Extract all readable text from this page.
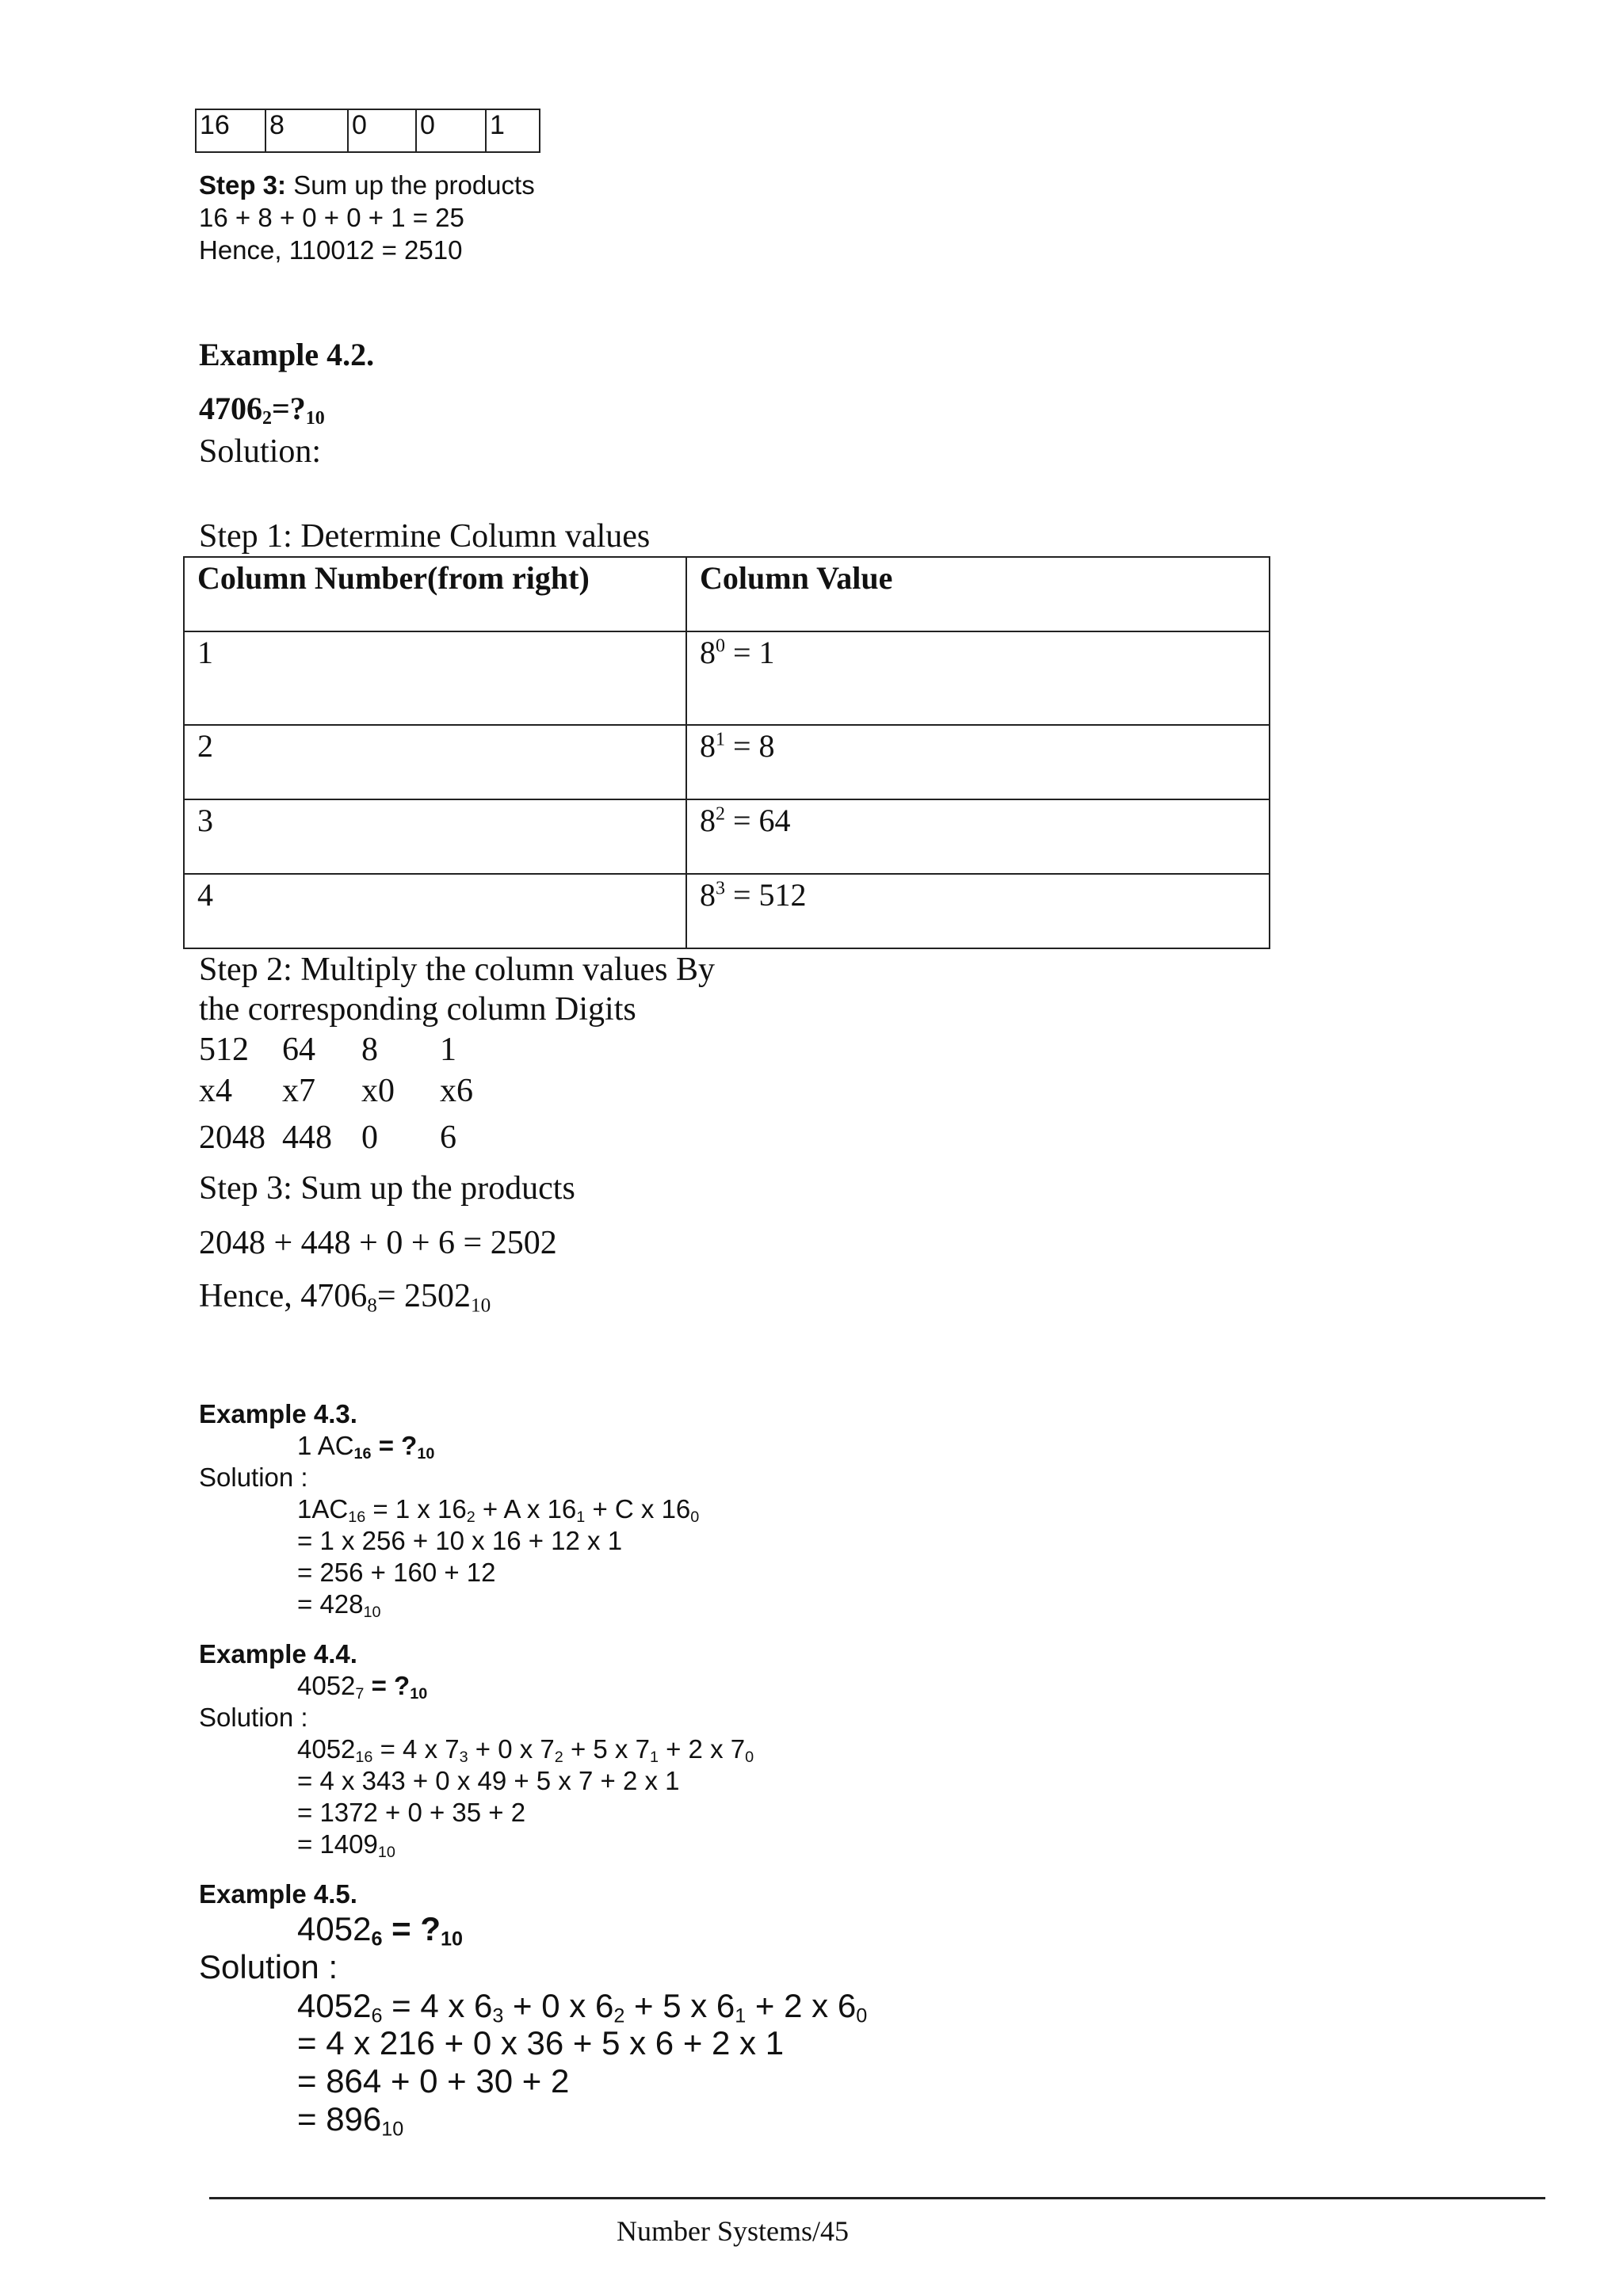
16	8	0	0	1
Step 3: Sum up the products
16 + 8 + 0 + 0 + 1 = 25
Hence, 110012 = 2510
Example 4.2.
$4706_2=?_{10}$
Solution:
Step 1: Determine Column values
Column Number(from right)	Column Value
1	$8^0 = 1$
2	$8^1 = 8$
3	$8^2 = 64$
4	$8^3 = 512$
Step 2: Multiply the column values By
the corresponding column Digits
512 64 8 1
x4 x7 x0 x6
2048 448 0 6
Step 3: Sum up the products
2048 + 448 + 0 + 6 = 2502
Hence, $4706_8= 2502_{10}$
Example 4.3.
1 $AC_{16}$ = $?_{10}$
Solution :
$1AC_{16} = 1$ x $16_2 + A$ x $16_1 + C$ x $16_0$
= 1 x 256 + 10 x 16 + 12 x 1
= 256 + 160 + 12
= $428_{10}$
Example 4.4.
$4052_7$ = $?_{10}$
Solution :
$4052_{16} = 4$ x $7_3 + 0$ x $7_2 + 5$ x $7_1 + 2$ x $7_0$
= 4 x 343 + 0 x 49 + 5 x 7 + 2 x 1
= 1372 + 0 + 35 + 2
= $1409_{10}$
Example 4.5.
$4052_6$ = $?_{10}$
Solution :
$4052_6 = 4$ x $6_3 + 0$ x $6_2 + 5$ x $6_1 + 2$ x $6_0$
= 4 x 216 + 0 x 36 + 5 x 6 + 2 x 1
= 864 + 0 + 30 + 2
= $896_{10}$
Number Systems/45
